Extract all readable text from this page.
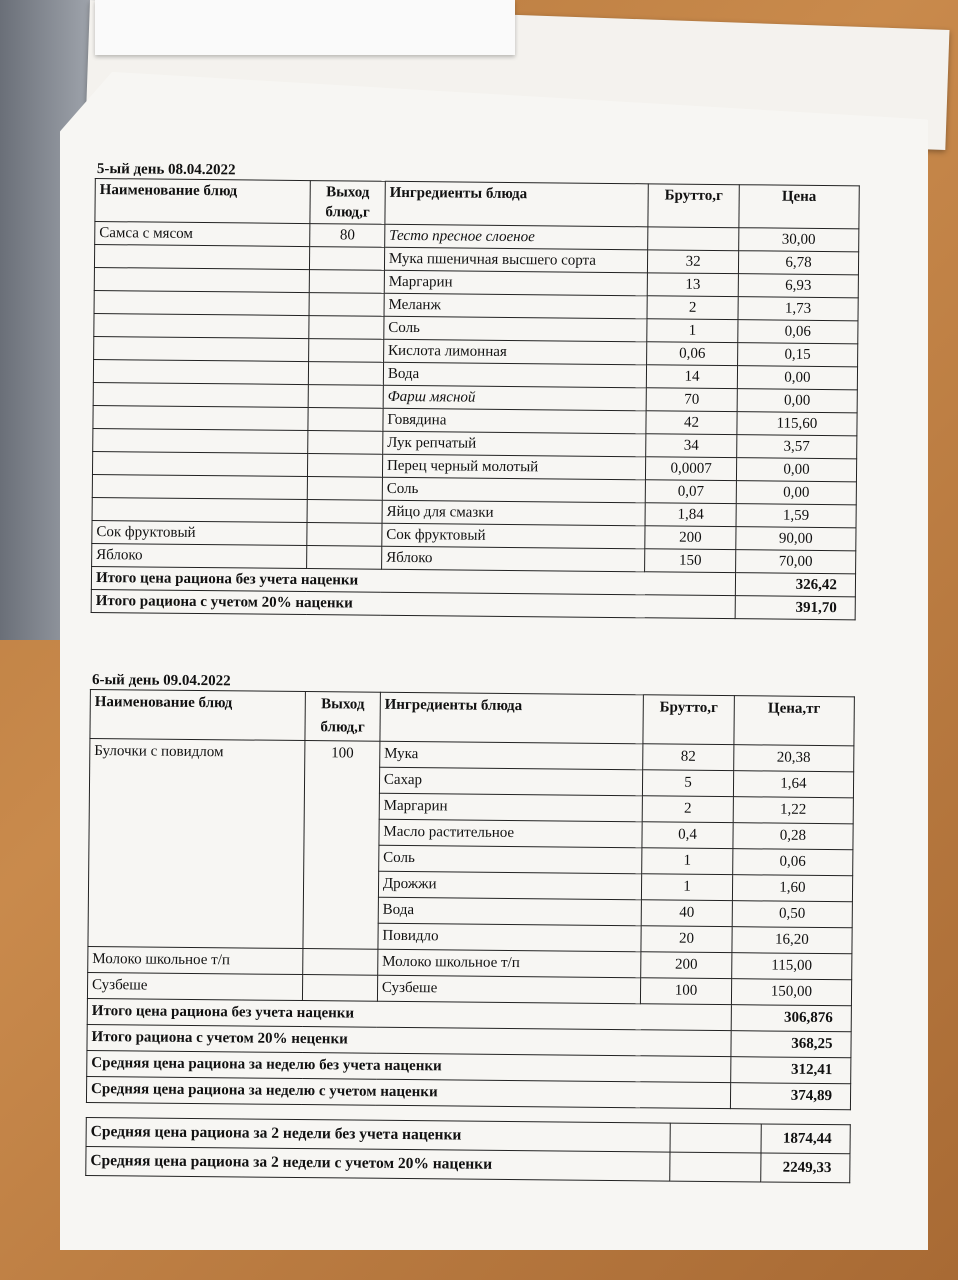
5-ый день 08.04.2022
Наименование блюд	Выход блюд,г	Ингредиенты блюда	Брутто,г	Цена
Самса с мясом	80	Тесто пресное слоеное		30,00
		Мука пшеничная высшего сорта	32	6,78
		Маргарин	13	6,93
		Меланж	2	1,73
		Соль	1	0,06
		Кислота лимонная	0,06	0,15
		Вода	14	0,00
		Фарш мясной	70	0,00
		Говядина	42	115,60
		Лук репчатый	34	3,57
		Перец черный молотый	0,0007	0,00
		Соль	0,07	0,00
		Яйцо для смазки	1,84	1,59
Сок фруктовый		Сок фруктовый	200	90,00
Яблоко		Яблоко	150	70,00
Итого цена рациона без учета наценки				326,42
Итого рациона с учетом 20% наценки				391,70
6-ый день 09.04.2022
Наименование блюд	Выход блюд,г	Ингредиенты блюда	Брутто,г	Цена,тг
Булочки с повидлом	100	Мука	82	20,38
		Сахар	5	1,64
		Маргарин	2	1,22
		Масло растительное	0,4	0,28
		Соль	1	0,06
		Дрожжи	1	1,60
		Вода	40	0,50
		Повидло	20	16,20
Молоко школьное т/п		Молоко школьное т/п	200	115,00
Сузбеше		Сузбеше	100	150,00
Итого цена рациона без учета наценки				306,876
Итого рациона с учетом 20% неценки				368,25
Средняя цена рациона за неделю без учета наценки				312,41
Средняя цена рациона за неделю с учетом наценки				374,89
Средняя цена рациона за 2 недели без учета наценки		1874,44
Средняя цена рациона за 2 недели с учетом 20% наценки		2249,33
